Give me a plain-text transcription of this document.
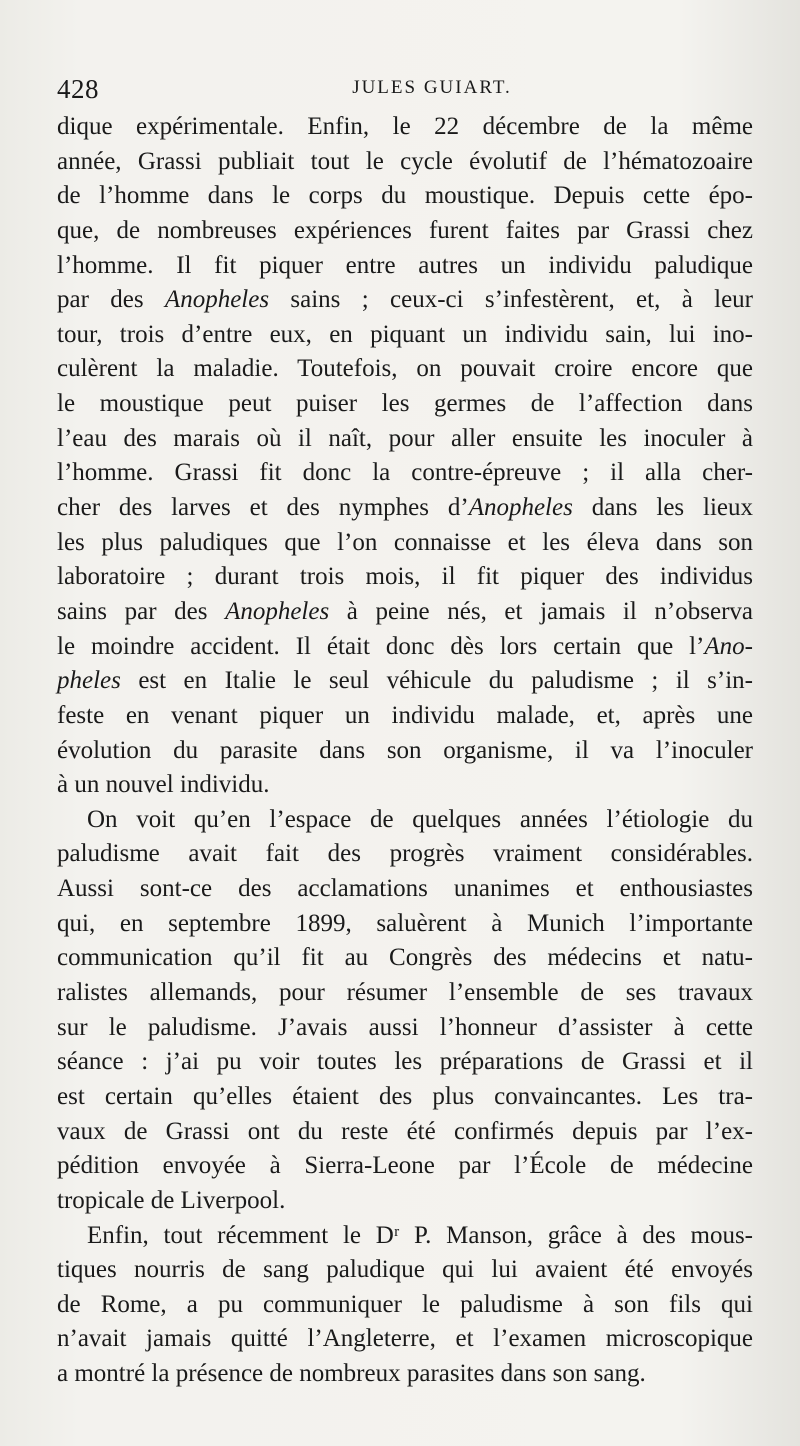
428	JULES GUIART.
dique expérimentale. Enfin, le 22 décembre de la même
année, Grassi publiait tout le cycle évolutif de l’hématozoaire
de l’homme dans le corps du moustique. Depuis cette épo-
que, de nombreuses expériences furent faites par Grassi chez
l’homme. Il fit piquer entre autres un individu paludique
par des Anopheles sains ; ceux-ci s’infestèrent, et, à leur
tour, trois d’entre eux, en piquant un individu sain, lui ino-
culèrent la maladie. Toutefois, on pouvait croire encore que
le moustique peut puiser les germes de l’affection dans
l’eau des marais où il naît, pour aller ensuite les inoculer à
l’homme. Grassi fit donc la contre-épreuve ; il alla cher-
cher des larves et des nymphes d’Anopheles dans les lieux
les plus paludiques que l’on connaisse et les éleva dans son
laboratoire ; durant trois mois, il fit piquer des individus
sains par des Anopheles à peine nés, et jamais il n’observa
le moindre accident. Il était donc dès lors certain que l’Ano-
pheles est en Italie le seul véhicule du paludisme ; il s’in-
feste en venant piquer un individu malade, et, après une
évolution du parasite dans son organisme, il va l’inoculer
à un nouvel individu.
On voit qu’en l’espace de quelques années l’étiologie du
paludisme avait fait des progrès vraiment considérables.
Aussi sont-ce des acclamations unanimes et enthousiastes
qui, en septembre 1899, saluèrent à Munich l’importante
communication qu’il fit au Congrès des médecins et natu-
ralistes allemands, pour résumer l’ensemble de ses travaux
sur le paludisme. J’avais aussi l’honneur d’assister à cette
séance : j’ai pu voir toutes les préparations de Grassi et il
est certain qu’elles étaient des plus convaincantes. Les tra-
vaux de Grassi ont du reste été confirmés depuis par l’ex-
pédition envoyée à Sierra-Leone par l’École de médecine
tropicale de Liverpool.
Enfin, tout récemment le Dʳ P. Manson, grâce à des mous-
tiques nourris de sang paludique qui lui avaient été envoyés
de Rome, a pu communiquer le paludisme à son fils qui
n’avait jamais quitté l’Angleterre, et l’examen microscopique
a montré la présence de nombreux parasites dans son sang.
